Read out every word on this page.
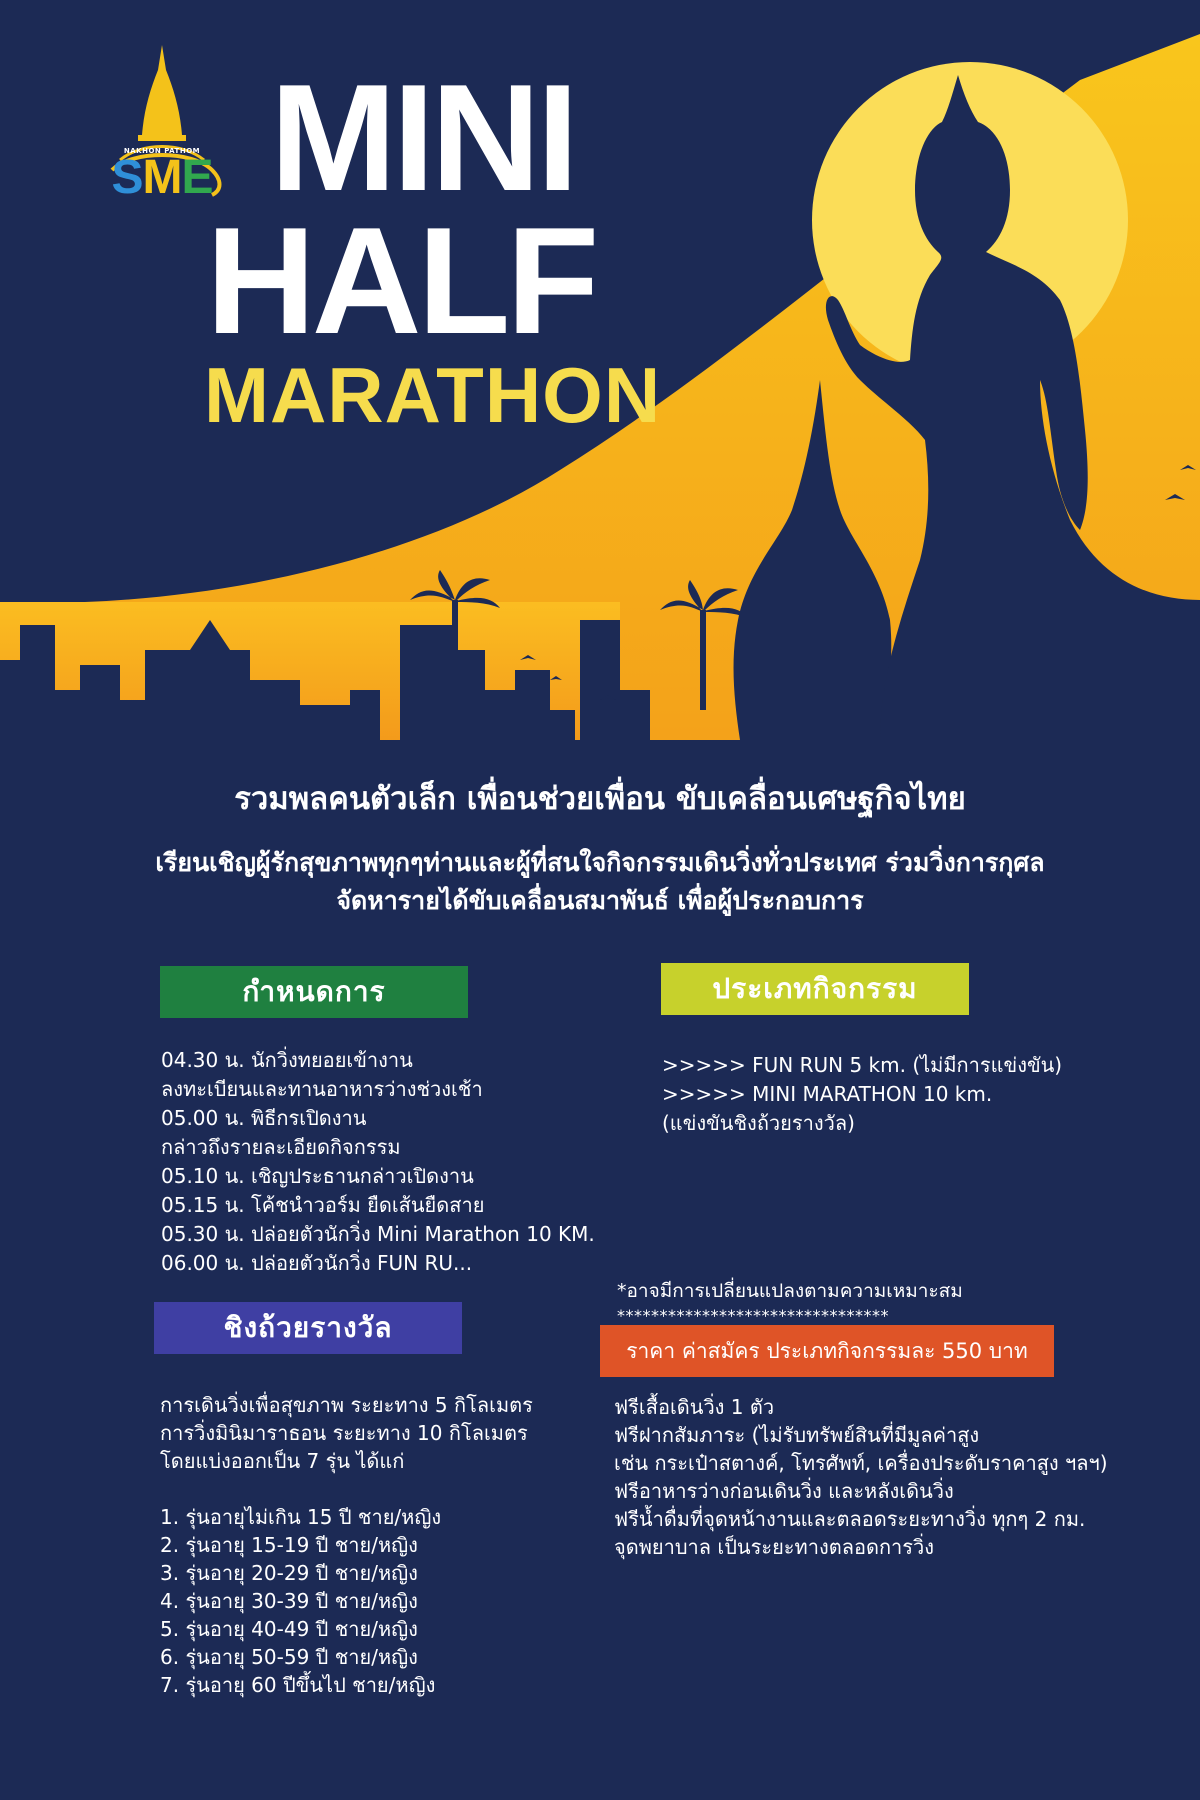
NAKHON PATHOM
SME MINI
HALF
MARATHON
รวมพลคนตัวเล็ก เพื่อนช่วยเพื่อน ขับเคลื่อนเศษฐกิจไทย
เรียนเชิญผู้รักสุขภาพทุกๆท่านและผู้ที่สนใจกิจกรรมเดินวิ่งทั่วประเทศ ร่วมวิ่งการกุศล
จัดหารายได้ขับเคลื่อนสมาพันธ์ เพื่อผู้ประกอบการ
กำหนดการ
04.30 น. นักวิ่งทยอยเข้างาน
ลงทะเบียนและทานอาหารว่างช่วงเช้า
05.00 น. พิธีกรเปิดงาน
กล่าวถึงรายละเอียดกิจกรรม
05.10 น. เชิญประธานกล่าวเปิดงาน
05.15 น. โค้ชนำวอร์ม ยืดเส้นยืดสาย
05.30 น. ปล่อยตัวนักวิ่ง Mini Marathon 10 KM.
06.00 น. ปล่อยตัวนักวิ่ง FUN RU...
ประเภทกิจกรรม
>>>>> FUN RUN 5 km. (ไม่มีการแข่งขัน)
>>>>> MINI MARATHON 10 km.
(แข่งขันชิงถ้วยรางวัล)
*อาจมีการเปลี่ยนแปลงตามความเหมาะสม
********************************
ราคา ค่าสมัคร ประเภทกิจกรรมละ 550 บาท
ฟรีเสื้อเดินวิ่ง 1 ตัว
ฟรีฝากสัมภาระ (ไม่รับทรัพย์สินที่มีมูลค่าสูง
เช่น กระเป๋าสตางค์, โทรศัพท์, เครื่องประดับราคาสูง ฯลฯ)
ฟรีอาหารว่างก่อนเดินวิ่ง และหลังเดินวิ่ง
ฟรีน้ำดื่มที่จุดหน้างานและตลอดระยะทางวิ่ง ทุกๆ 2 กม.
จุดพยาบาล เป็นระยะทางตลอดการวิ่ง
ชิงถ้วยรางวัล
การเดินวิ่งเพื่อสุขภาพ ระยะทาง 5 กิโลเมตร
การวิ่งมินิมาราธอน ระยะทาง 10 กิโลเมตร
โดยแบ่งออกเป็น 7 รุ่น ได้แก่
1. รุ่นอายุไม่เกิน 15 ปี ชาย/หญิง
2. รุ่นอายุ 15-19 ปี ชาย/หญิง
3. รุ่นอายุ 20-29 ปี ชาย/หญิง
4. รุ่นอายุ 30-39 ปี ชาย/หญิง
5. รุ่นอายุ 40-49 ปี ชาย/หญิง
6. รุ่นอายุ 50-59 ปี ชาย/หญิง
7. รุ่นอายุ 60 ปีขึ้นไป ชาย/หญิง
